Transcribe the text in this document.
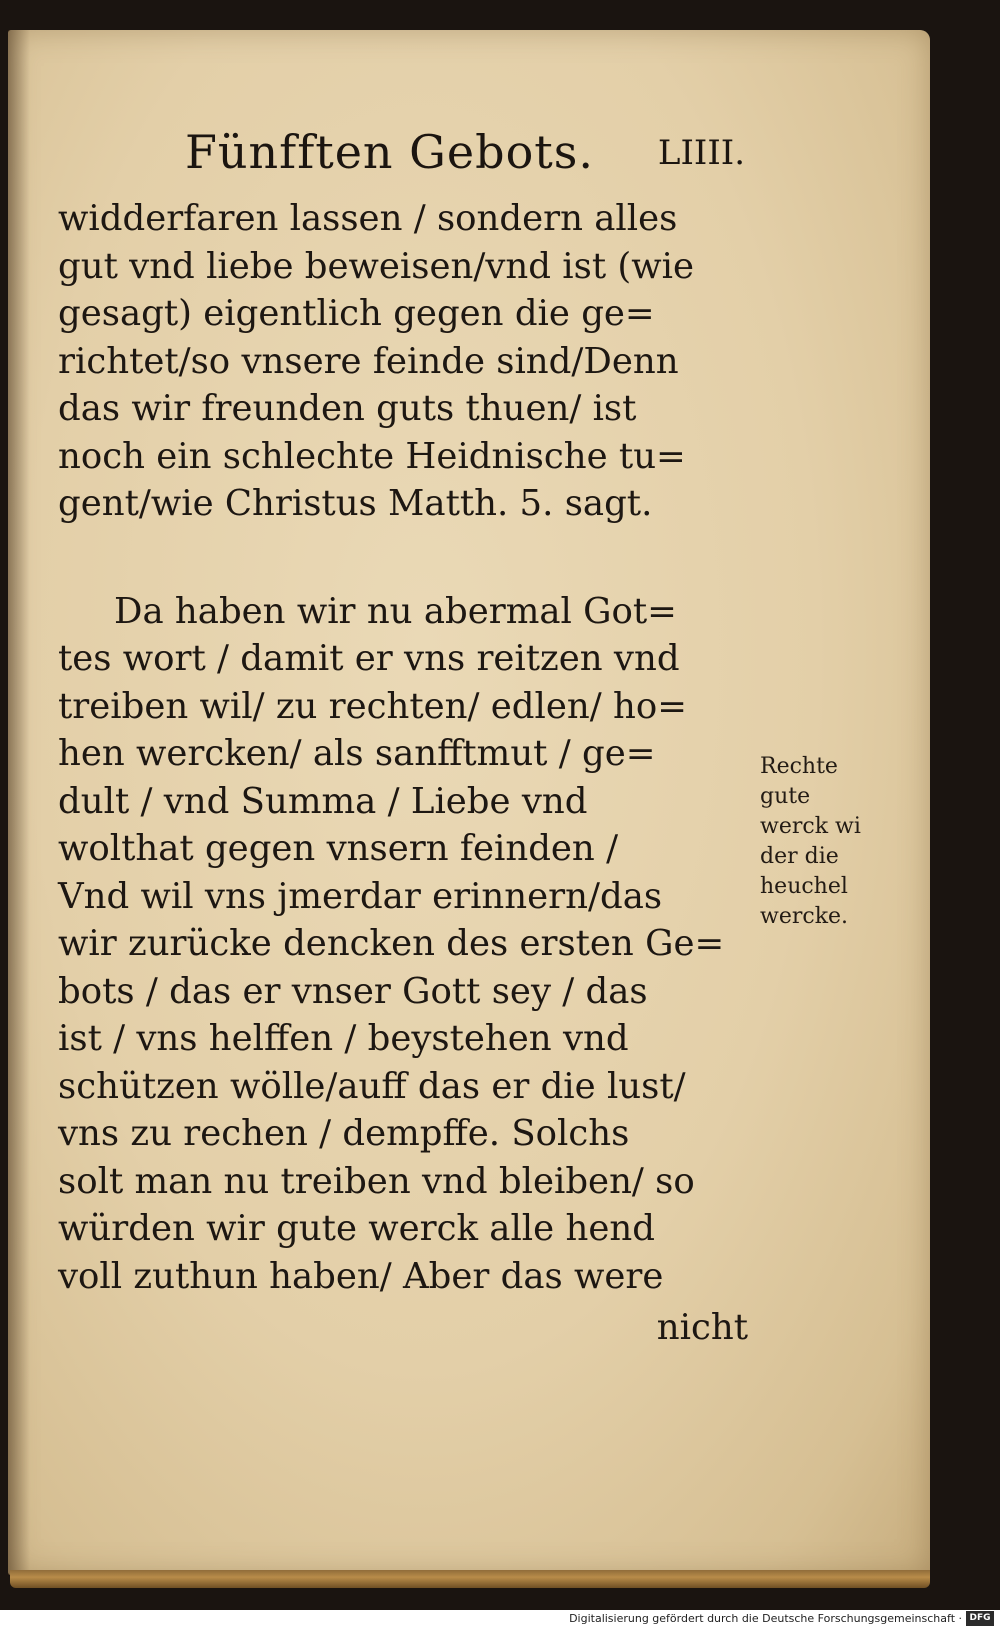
Fünfften Gebots. LIIII.
widderfaren lassen / sondern alles
gut vnd liebe beweisen/vnd ist (wie
gesagt) eigentlich gegen die ge=
richtet/so vnsere feinde sind/Denn
das wir freunden guts thuen/ ist
noch ein schlechte Heidnische tu=
gent/wie Christus Matth. 5. sagt.
Da haben wir nu abermal Got=
tes wort / damit er vns reitzen vnd
treiben wil/ zu rechten/ edlen/ ho=
hen wercken/ als sanfftmut / ge=
dult / vnd Summa / Liebe vnd
wolthat gegen vnsern feinden /
Vnd wil vns jmerdar erinnern/das
wir zurücke dencken des ersten Ge=
bots / das er vnser Gott sey / das
ist / vns helffen / beystehen vnd
schützen wölle/auff das er die lust/
vns zu rechen / dempffe. Solchs
solt man nu treiben vnd bleiben/ so
würden wir gute werck alle hend
voll zuthun haben/ Aber das were
nicht
Rechte
gute
werck wi
der die
heuchel
wercke.
Digitalisierung gefördert durch die Deutsche Forschungsgemeinschaft · DFG
